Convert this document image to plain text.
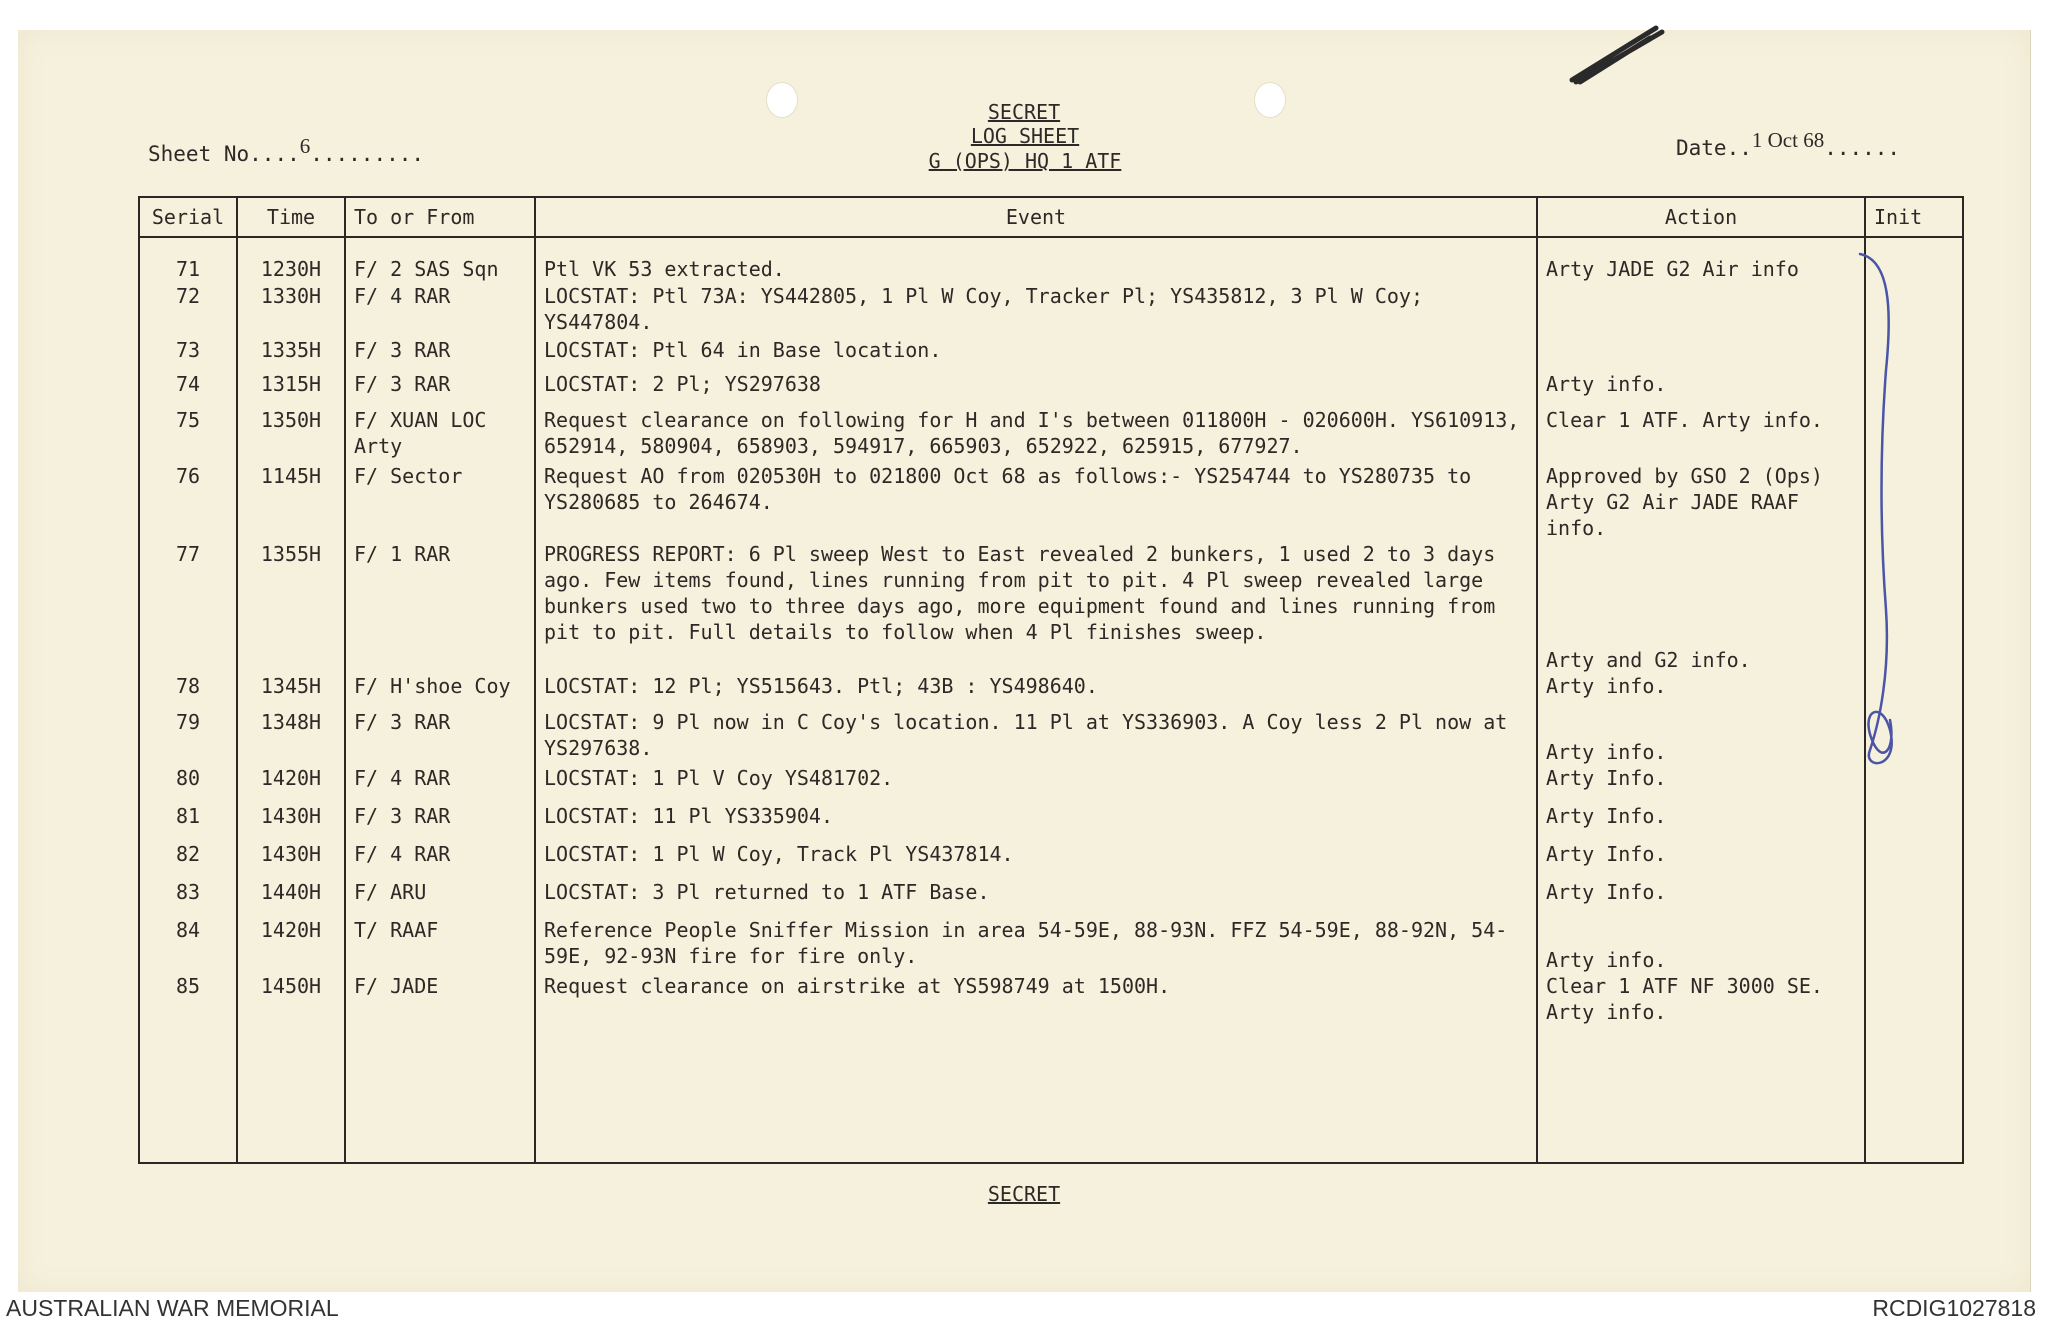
SECRET
LOG SHEET
G (OPS) HQ 1 ATF
Sheet No....6.........	Date..1 Oct 68......
Serial	Time	To or From	Event	Action	Init
71	1230H	F/ 2 SAS Sqn	Ptl VK 53 extracted.	Arty JADE G2 Air info	
72	1330H	F/ 4 RAR	LOCSTAT: Ptl 73A: YS442805, 1 Pl W Coy, Tracker Pl; YS435812, 3 Pl W Coy; YS447804.		
73	1335H	F/ 3 RAR	LOCSTAT: Ptl 64 in Base location.		
74	1315H	F/ 3 RAR	LOCSTAT: 2 Pl; YS297638	Arty info.	
75	1350H	F/ XUAN LOC Arty	Request clearance on following for H and I's between 011800H - 020600H. YS610913, 652914, 580904, 658903, 594917, 665903, 652922, 625915, 677927.	Clear 1 ATF. Arty info.	
76	1145H	F/ Sector	Request AO from 020530H to 021800 Oct 68 as follows:- YS254744 to YS280735 to YS280685 to 264674.	Approved by GSO 2 (Ops) Arty G2 Air JADE RAAF info.	
77	1355H	F/ 1 RAR	PROGRESS REPORT: 6 Pl sweep West to East revealed 2 bunkers, 1 used 2 to 3 days ago. Few items found, lines running from pit to pit. 4 Pl sweep revealed large bunkers used two to three days ago, more equipment found and lines running from pit to pit. Full details to follow when 4 Pl finishes sweep.	Arty and G2 info.	
78	1345H	F/ H'shoe Coy	LOCSTAT: 12 Pl; YS515643. Ptl; 43B : YS498640.	Arty info.	
79	1348H	F/ 3 RAR	LOCSTAT: 9 Pl now in C Coy's location. 11 Pl at YS336903. A Coy less 2 Pl now at YS297638.	Arty info.	
80	1420H	F/ 4 RAR	LOCSTAT: 1 Pl V Coy YS481702.	Arty Info.	
81	1430H	F/ 3 RAR	LOCSTAT: 11 Pl YS335904.	Arty Info.	
82	1430H	F/ 4 RAR	LOCSTAT: 1 Pl W Coy, Track Pl YS437814.	Arty Info.	
83	1440H	F/ ARU	LOCSTAT: 3 Pl returned to 1 ATF Base.	Arty Info.	
84	1420H	T/ RAAF	Reference People Sniffer Mission in area 54-59E, 88-93N. FFZ 54-59E, 88-92N, 54-59E, 92-93N fire for fire only.	Arty info.	
85	1450H	F/ JADE	Request clearance on airstrike at YS598749 at 1500H.	Clear 1 ATF NF 3000 SE. Arty info.	

SECRET
AUSTRALIAN WAR MEMORIAL	RCDIG1027818
